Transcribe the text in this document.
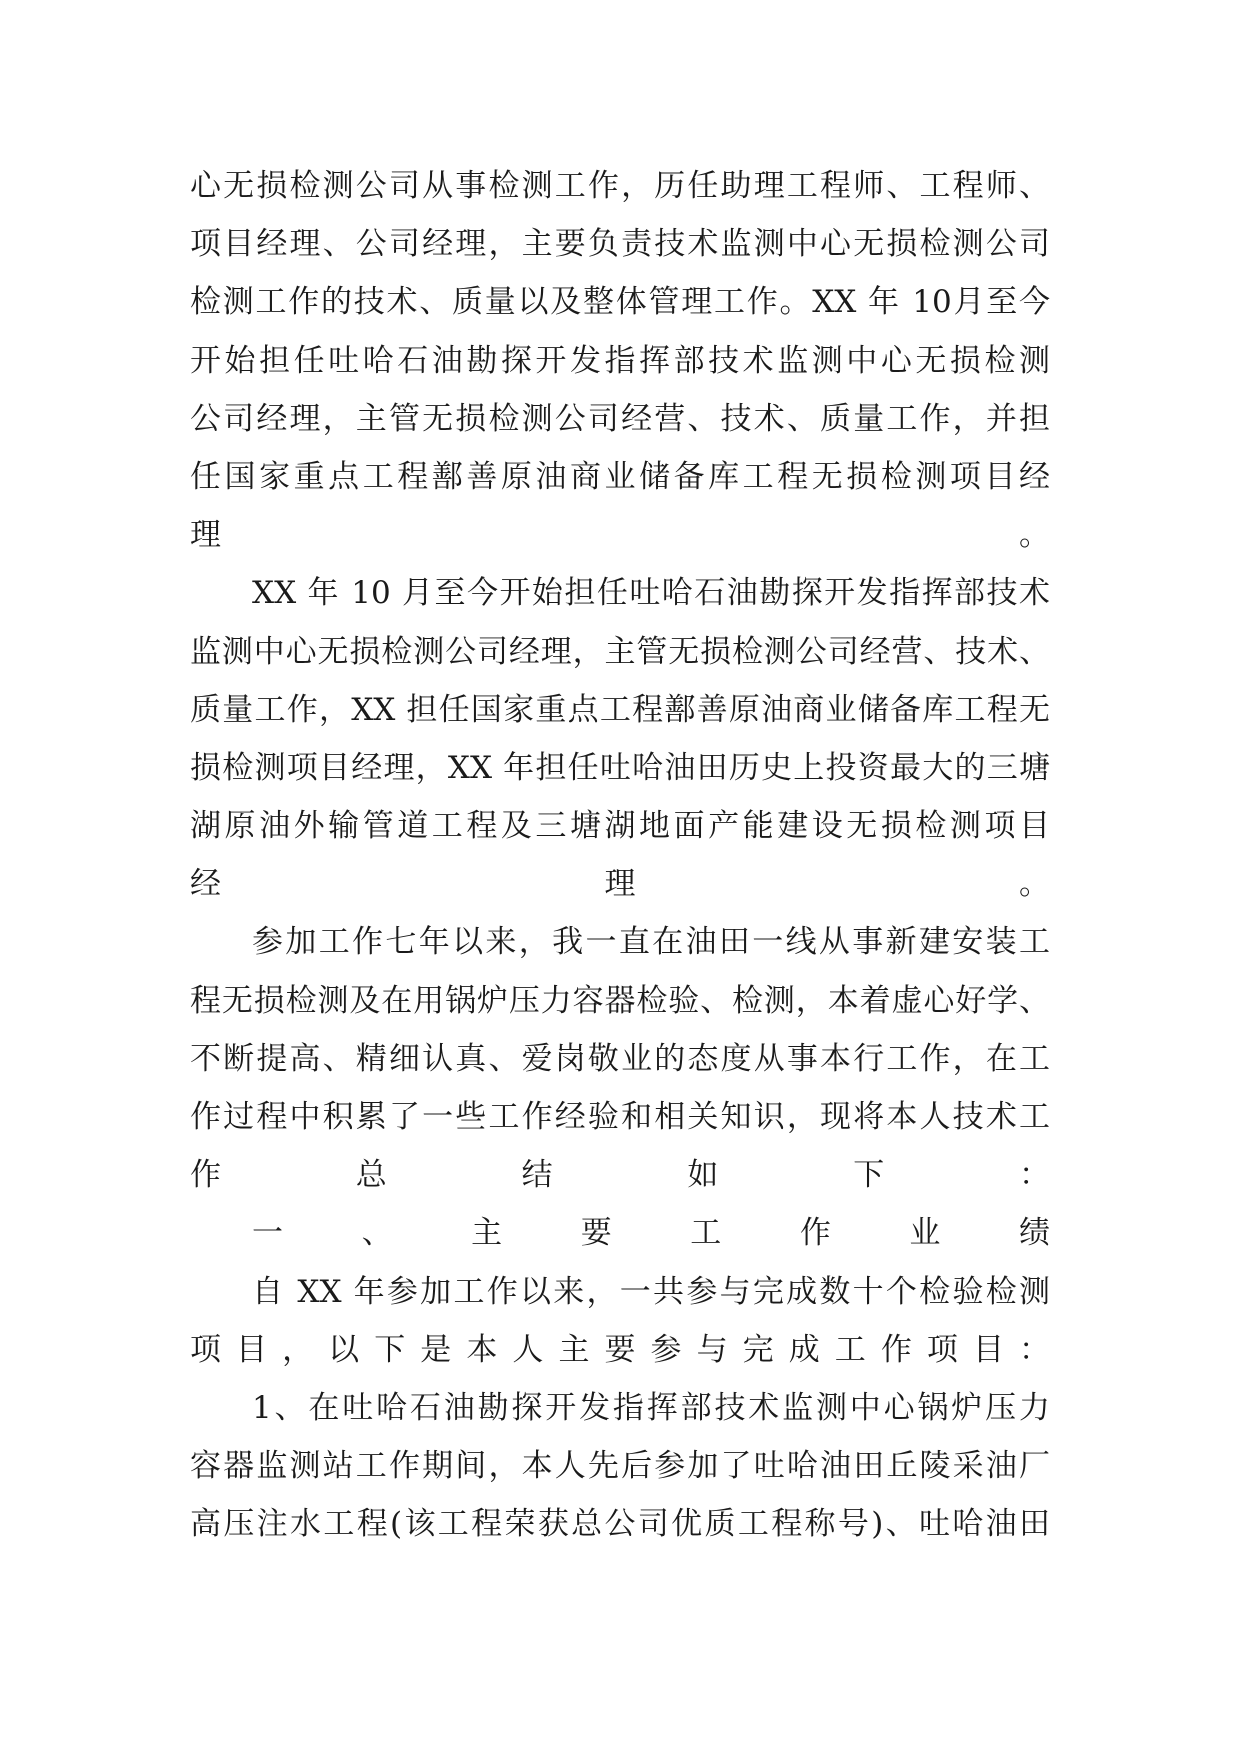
心无损检测公司从事检测工作，历任助理工程师、工程师、
项目经理、公司经理，主要负责技术监测中心无损检测公司
检测工作的技术、质量以及整体管理工作。XX 年 10月至今
开始担任吐哈石油勘探开发指挥部技术监测中心无损检测
公司经理，主管无损检测公司经营、技术、质量工作，并担
任国家重点工程鄯善原油商业储备库工程无损检测项目经
理。
XX 年 10 月至今开始担任吐哈石油勘探开发指挥部技术
监测中心无损检测公司经理，主管无损检测公司经营、技术、
质量工作，XX 担任国家重点工程鄯善原油商业储备库工程无
损检测项目经理，XX 年担任吐哈油田历史上投资最大的三塘
湖原油外输管道工程及三塘湖地面产能建设无损检测项目
经理。
参加工作七年以来，我一直在油田一线从事新建安装工
程无损检测及在用锅炉压力容器检验、检测，本着虚心好学、
不断提高、精细认真、爱岗敬业的态度从事本行工作，在工
作过程中积累了一些工作经验和相关知识，现将本人技术工
作总结如下：
一、主要工作业绩
自 XX 年参加工作以来，一共参与完成数十个检验检测
项目，以下是本人主要参与完成工作项目：
1、在吐哈石油勘探开发指挥部技术监测中心锅炉压力
容器监测站工作期间，本人先后参加了吐哈油田丘陵采油厂
高压注水工程(该工程荣获总公司优质工程称号)、吐哈油田
